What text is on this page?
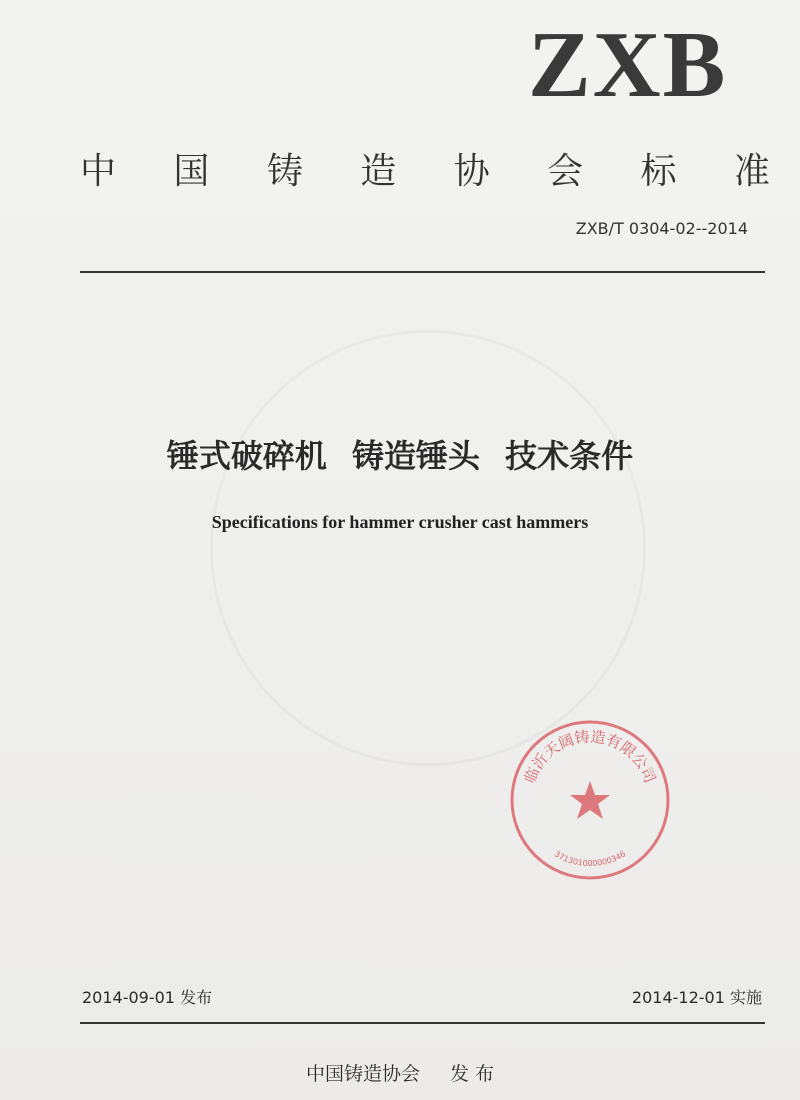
ZXB
中 国 铸 造 协 会 标 准
ZXB/T 0304-02--2014
锤式破碎机 铸造锤头 技术条件
Specifications for hammer crusher cast hammers
临沂天阔铸造有限公司
371301000000346
2014-09-01 发布	2014-12-01 实施
中国铸造协会 发 布
